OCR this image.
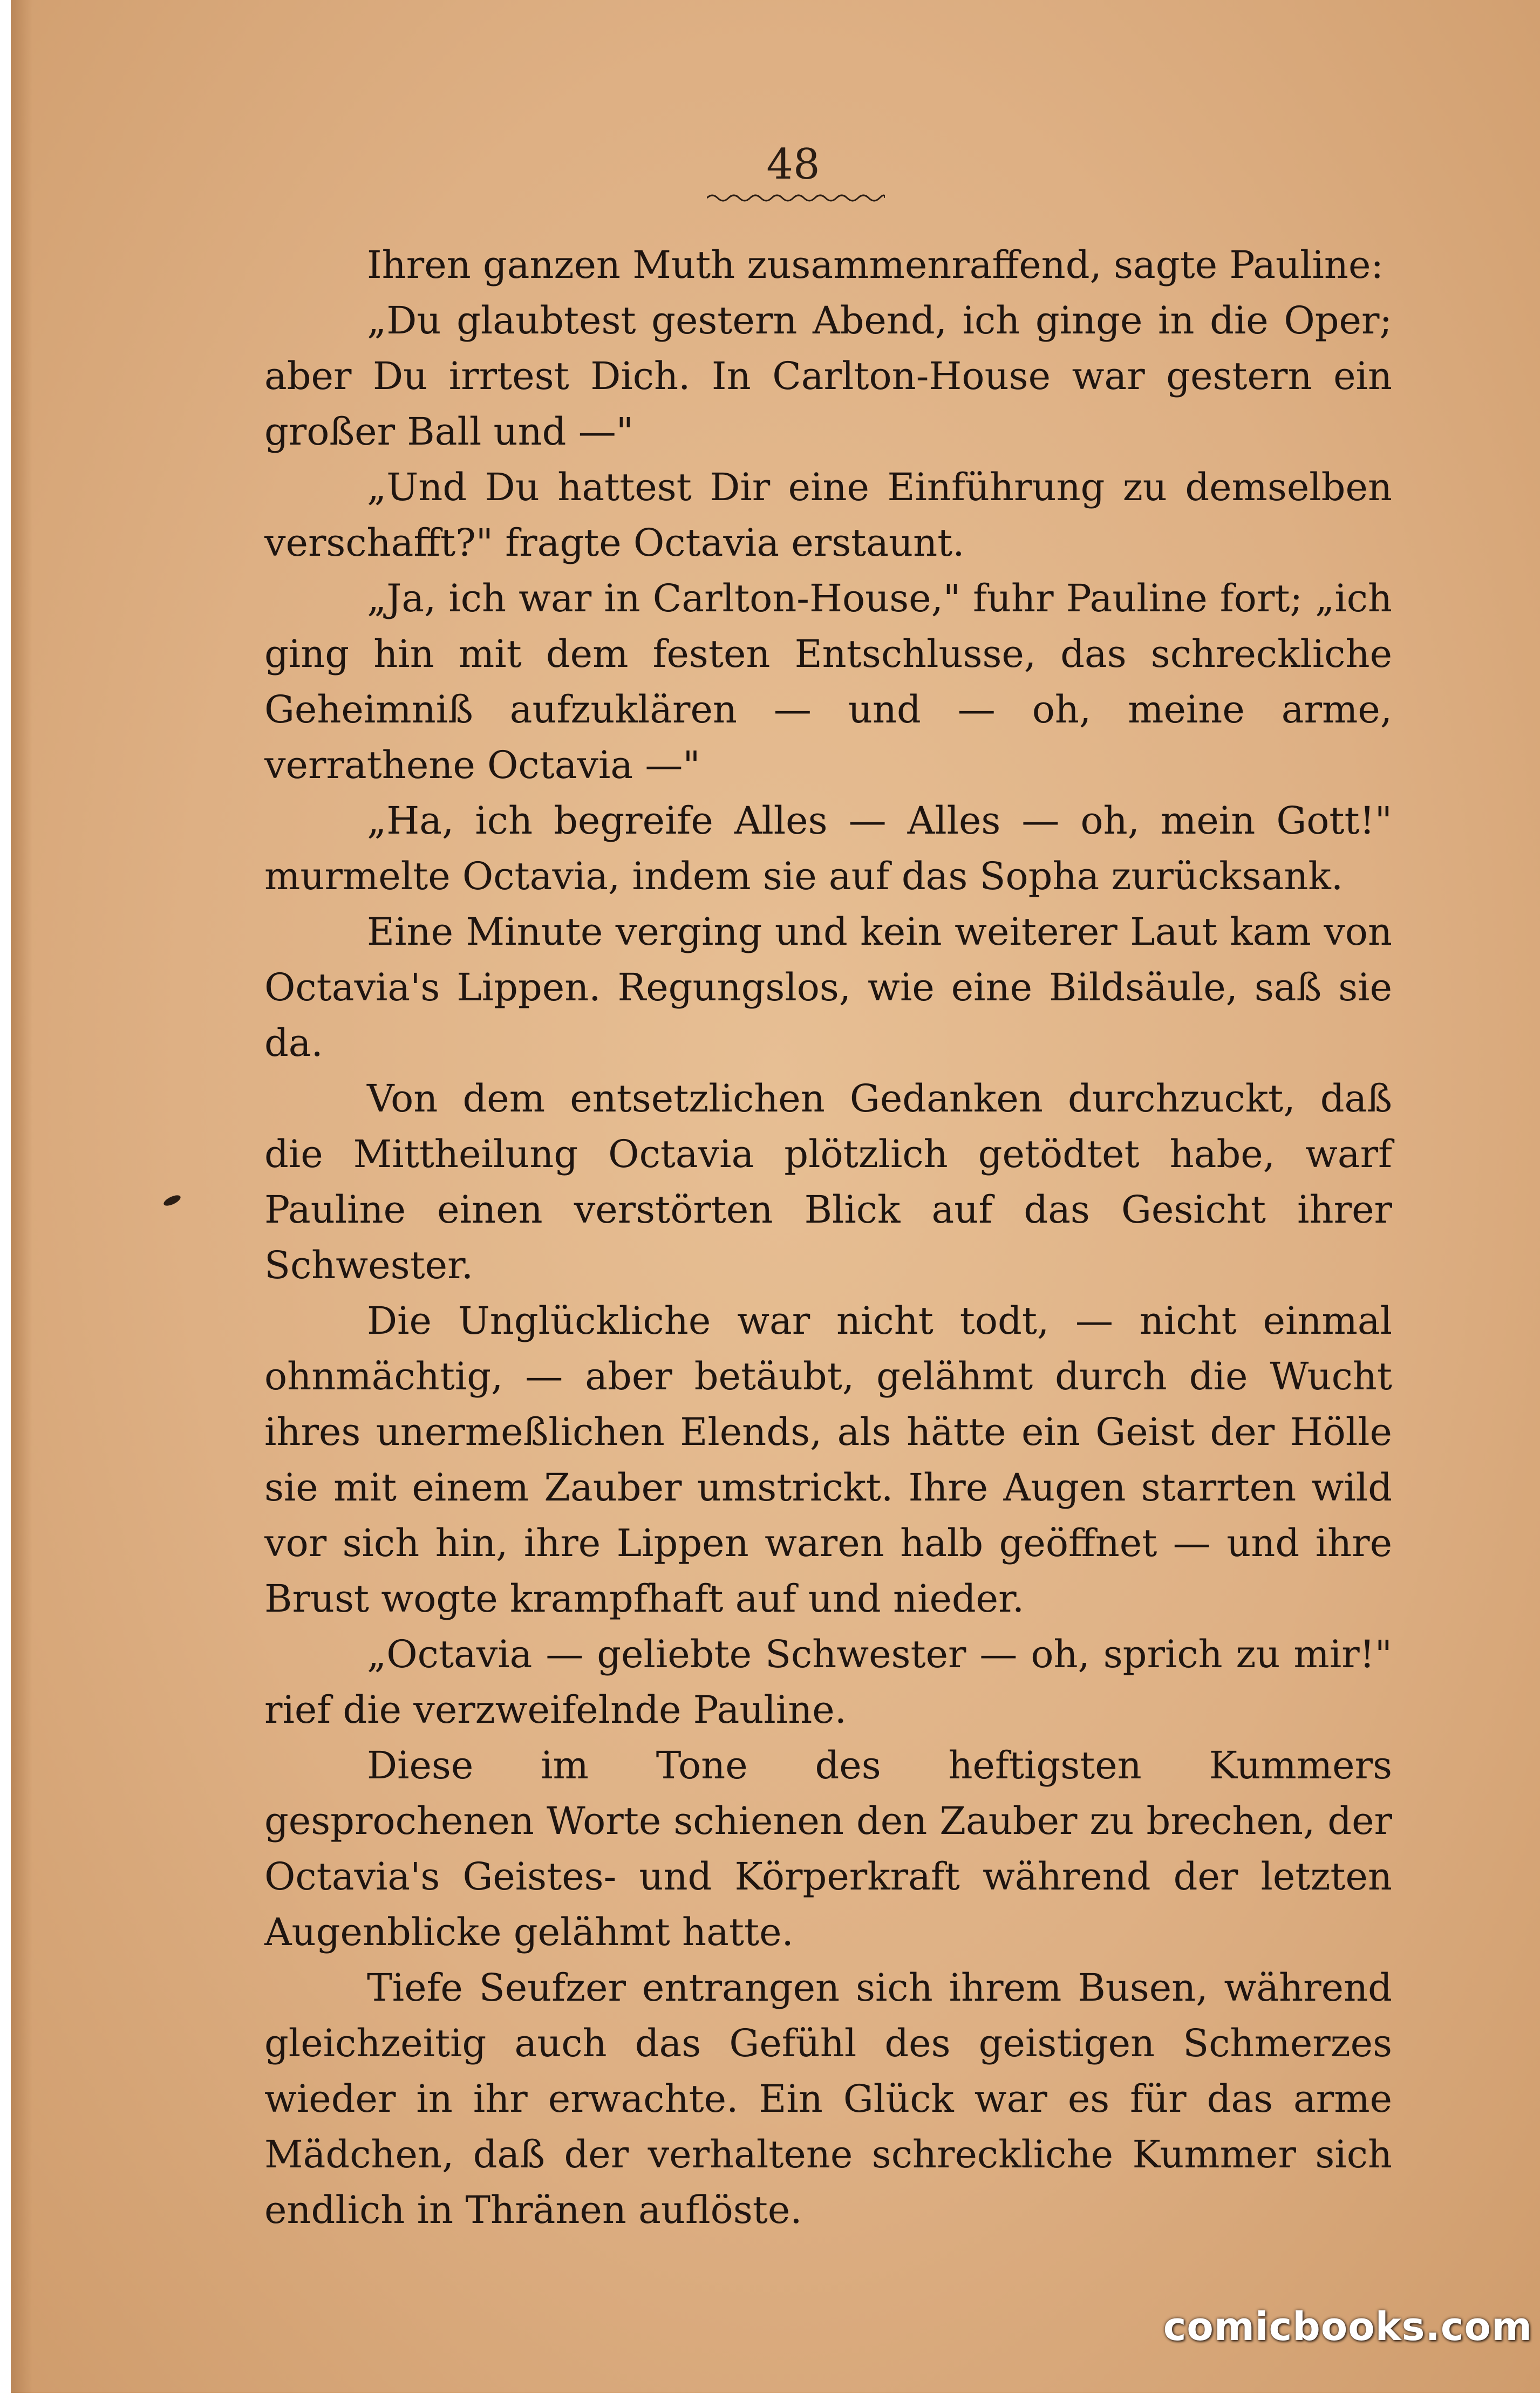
48

Ihren ganzen Muth zusammenraffend, sagte Pauline:

„Du glaubtest gestern Abend, ich ginge in die Oper; aber Du irrtest Dich. In Carlton-House war gestern ein großer Ball und —"

„Und Du hattest Dir eine Einführung zu demselben verschafft?" fragte Octavia erstaunt.

„Ja, ich war in Carlton-House," fuhr Pauline fort; „ich ging hin mit dem festen Entschlusse, das schreckliche Geheimniß aufzuklären — und — oh, meine arme, verrathene Octavia —"

„Ha, ich begreife Alles — Alles — oh, mein Gott!" murmelte Octavia, indem sie auf das Sopha zurücksank.

Eine Minute verging und kein weiterer Laut kam von Octavia's Lippen. Regungslos, wie eine Bildsäule, saß sie da.

Von dem entsetzlichen Gedanken durchzuckt, daß die Mittheilung Octavia plötzlich getödtet habe, warf Pauline einen verstörten Blick auf das Gesicht ihrer Schwester.

Die Unglückliche war nicht todt, — nicht einmal ohnmächtig, — aber betäubt, gelähmt durch die Wucht ihres unermeßlichen Elends, als hätte ein Geist der Hölle sie mit einem Zauber umstrickt. Ihre Augen starrten wild vor sich hin, ihre Lippen waren halb geöffnet — und ihre Brust wogte krampfhaft auf und nieder.

„Octavia — geliebte Schwester — oh, sprich zu mir!" rief die verzweifelnde Pauline.

Diese im Tone des heftigsten Kummers gesprochenen Worte schienen den Zauber zu brechen, der Octavia's Geistes- und Körperkraft während der letzten Augenblicke gelähmt hatte.

Tiefe Seufzer entrangen sich ihrem Busen, während gleichzeitig auch das Gefühl des geistigen Schmerzes wieder in ihr erwachte. Ein Glück war es für das arme Mädchen, daß der verhaltene schreckliche Kummer sich endlich in Thränen auflöste.

comicbooks.com
